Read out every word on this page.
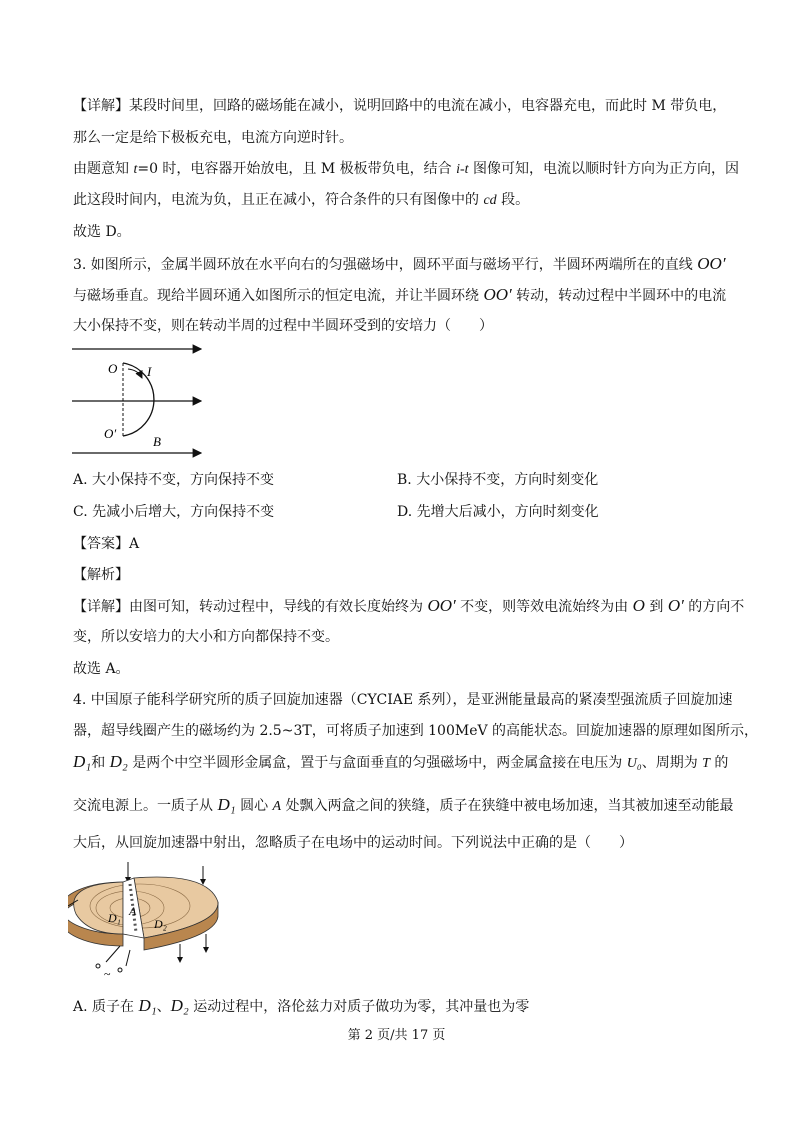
【详解】某段时间里，回路的磁场能在减小，说明回路中的电流在减小，电容器充电，而此时 M 带负电，
那么一定是给下极板充电，电流方向逆时针。
由题意知 t=0 时，电容器开始放电，且 M 极板带负电，结合 i-t 图像可知，电流以顺时针方向为正方向，因
此这段时间内，电流为负，且正在减小，符合条件的只有图像中的 cd 段。
故选 D。
3. 如图所示，金属半圆环放在水平向右的匀强磁场中，圆环平面与磁场平行，半圆环两端所在的直线 OO′
与磁场垂直。现给半圆环通入如图所示的恒定电流，并让半圆环绕 OO′ 转动，转动过程中半圆环中的电流
大小保持不变，则在转动半周的过程中半圆环受到的安培力（　　）
O I
O′
B
A. 大小保持不变，方向保持不变	B. 大小保持不变，方向时刻变化
C. 先减小后增大，方向保持不变	D. 先增大后减小，方向时刻变化
【答案】A
【解析】
【详解】由图可知，转动过程中，导线的有效长度始终为 OO′ 不变，则等效电流始终为由 O 到 O′ 的方向不
变，所以安培力的大小和方向都保持不变。
故选 A。
4. 中国原子能科学研究所的质子回旋加速器（CYCIAE 系列），是亚洲能量最高的紧凑型强流质子回旋加速
器，超导线圈产生的磁场约为 2.5~3T，可将质子加速到 100MeV 的高能状态。回旋加速器的原理如图所示，
D₁和 D₂ 是两个中空半圆形金属盒，置于与盒面垂直的匀强磁场中，两金属盒接在电压为 U₀、周期为 T 的
交流电源上。一质子从 D₁ 圆心 A 处飘入两盒之间的狭缝，质子在狭缝中被电场加速，当其被加速至动能最
大后，从回旋加速器中射出，忽略质子在电场中的运动时间。下列说法中正确的是（　　）
D₁ A
D₂
~
A. 质子在 D₁、D₂ 运动过程中，洛伦兹力对质子做功为零，其冲量也为零
第 2 页/共 17 页
